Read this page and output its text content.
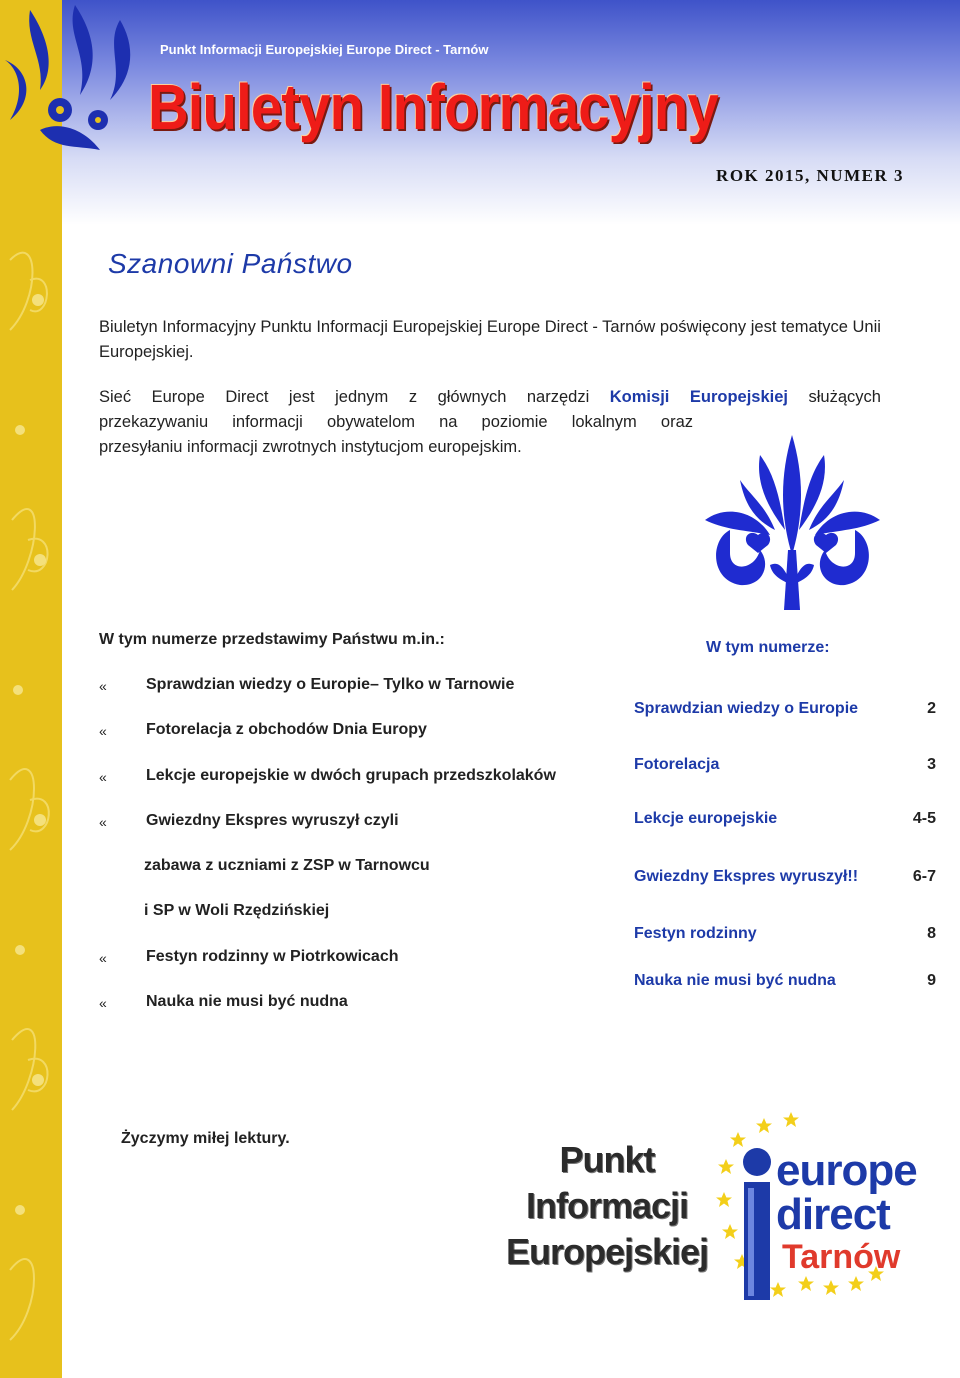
Punkt Informacji Europejskiej Europe Direct - Tarnów
Biuletyn Informacyjny
ROK 2015, NUMER 3
Szanowni Państwo
Biuletyn Informacyjny Punktu Informacji Europejskiej Europe Direct - Tarnów poświęcony jest tematyce Unii Europejskiej.
Sieć Europe Direct jest jednym z głównych narzędzi Komisji Europejskiej służących
przekazywaniu informacji obywatelom na poziomie lokalnym oraz
przesyłaniu informacji zwrotnych instytucjom europejskim.
W tym numerze przedstawimy Państwu m.in.:
« Sprawdzian wiedzy o Europie– Tylko w Tarnowie
« Fotorelacja z obchodów Dnia Europy
« Lekcje europejskie w dwóch grupach przedszkolaków
« Gwiezdny Ekspres wyruszył czyli
zabawa z uczniami z ZSP w Tarnowcu
i SP w Woli Rzędzińskiej
« Festyn rodzinny w Piotrkowicach
« Nauka nie musi być nudna
W tym numerze:
Sprawdzian wiedzy o Europie	2
Fotorelacja	3
Lekcje europejskie	4-5
Gwiezdny Ekspres wyruszył!!	6-7
Festyn rodzinny	8
Nauka nie musi być nudna	9
Życzymy miłej lektury.
Punkt
Informacji
Europejskiej
europe
direct
Tarnów
